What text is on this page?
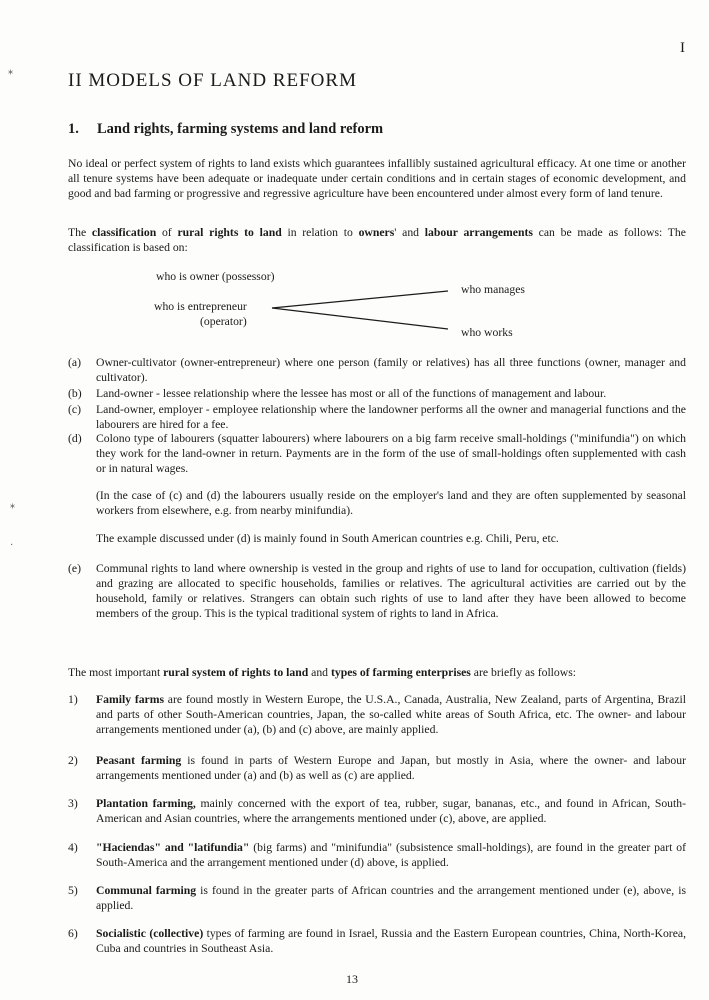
I
II MODELS OF LAND REFORM
1. Land rights, farming systems and land reform
No ideal or perfect system of rights to land exists which guarantees infallibly sustained agricultural efficacy. At one time or another all tenure systems have been adequate or inadequate under certain conditions and in certain stages of economic development, and good and bad farming or progressive and regressive agriculture have been encountered under almost every form of land tenure.
The classification of rural rights to land in relation to owners' and labour arrangements can be made as follows: The classification is based on:
who is owner (possessor)
who is entrepreneur
(operator)
who manages
who works
(a) Owner-cultivator (owner-entrepreneur) where one person (family or relatives) has all three functions (owner, manager and cultivator).
(b) Land-owner - lessee relationship where the lessee has most or all of the functions of management and labour.
(c) Land-owner, employer - employee relationship where the landowner performs all the owner and managerial functions and the labourers are hired for a fee.
(d) Colono type of labourers (squatter labourers) where labourers on a big farm receive small-holdings ("minifundia") on which they work for the land-owner in return. Payments are in the form of the use of small-holdings often supplemented with cash or in natural wages.
(In the case of (c) and (d) the labourers usually reside on the employer's land and they are often supplemented by seasonal workers from elsewhere, e.g. from nearby minifundia).
The example discussed under (d) is mainly found in South American countries e.g. Chili, Peru, etc.
(e) Communal rights to land where ownership is vested in the group and rights of use to land for occupation, cultivation (fields) and grazing are allocated to specific households, families or relatives. The agricultural activities are carried out by the household, family or relatives. Strangers can obtain such rights of use to land after they have been allowed to become members of the group. This is the typical traditional system of rights to land in Africa.
The most important rural system of rights to land and types of farming enterprises are briefly as follows:
1) Family farms are found mostly in Western Europe, the U.S.A., Canada, Australia, New Zealand, parts of Argentina, Brazil and parts of other South-American countries, Japan, the so-called white areas of South Africa, etc. The owner- and labour arrangements mentioned under (a), (b) and (c) above, are mainly applied.
2) Peasant farming is found in parts of Western Europe and Japan, but mostly in Asia, where the owner- and labour arrangements mentioned under (a) and (b) as well as (c) are applied.
3) Plantation farming, mainly concerned with the export of tea, rubber, sugar, bananas, etc., and found in African, South-American and Asian countries, where the arrangements mentioned under (c), above, are applied.
4) "Haciendas" and "latifundia" (big farms) and "minifundia" (subsistence small-holdings), are found in the greater part of South-America and the arrangement mentioned under (d) above, is applied.
5) Communal farming is found in the greater parts of African countries and the arrangement mentioned under (e), above, is applied.
6) Socialistic (collective) types of farming are found in Israel, Russia and the Eastern European countries, China, North-Korea, Cuba and countries in Southeast Asia.
13
⁎
⁎
·
